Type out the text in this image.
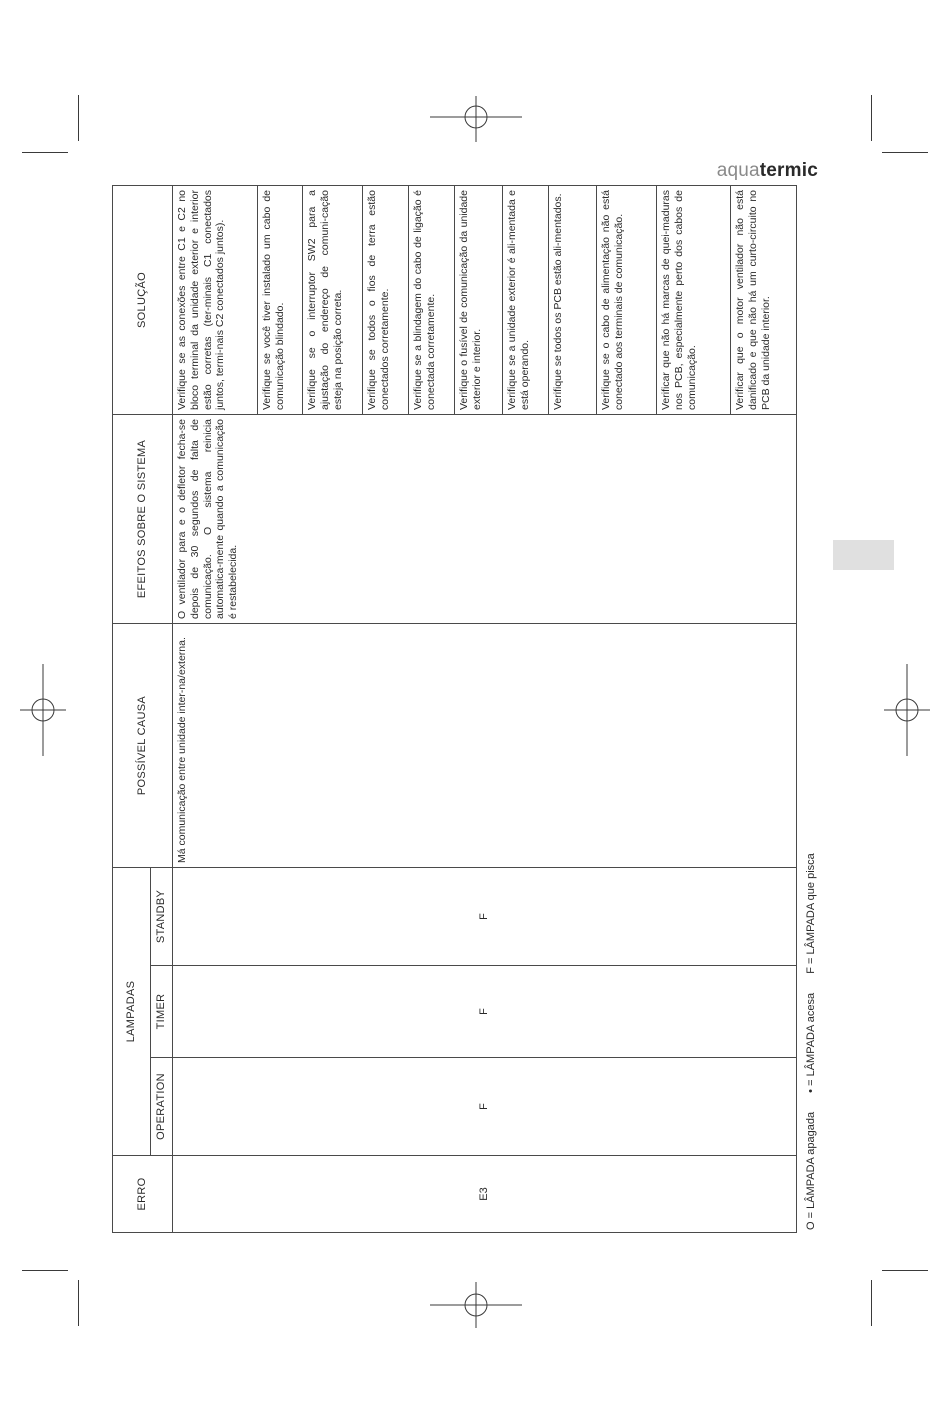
aquatermic
ERRO	LAMPADAS			POSSÍVEL CAUSA	EFEITOS SOBRE O SISTEMA	SOLUÇÃO
	OPERATION	TIMER	STANDBY			
E3	F	F	F	Má comunicação entre unidade inter-na/externa.	O ventilador para e o defletor fecha-se depois de 30 segundos de falta de comunicação. O sistema reinicia automatica-mente quando a comunicação é restabelecida.	Verifique se as conexões entre C1 e C2 no bloco terminal da unidade exterior e interior estão corretas (ter-minais C1 conectados juntos, termi-nais C2 conectados juntos).
						Verifique se você tiver instalado um cabo de comunicação blindado.
						Verifique se o interruptor SW2 para a ajustação do endereço de comuni-cação esteja na posição correta.
						Verifique se todos o fios de terra estão conectados corretamente.
						Verifique se a blindagem do cabo de ligação é conectada corretamente.
						Verifique o fusível de comunicação da unidade exterior e interior.
						Verifique se a unidade exterior é ali-mentada e está operando.
						Verifique se todos os PCB estão ali-mentados.
						Verifique se o cabo de alimentação não está conectado aos terminais de comunicação.
						Verificar que não há marcas de quei-maduras nos PCB, especialmente perto dos cabos de comunicação.
						Verificar que o motor ventilador não está danificado e que não há um curto-circuito no PCB da unidade interior.
O = LÂMPADA apagada • = LÂMPADA acesa F = LÂMPADA que pisca
